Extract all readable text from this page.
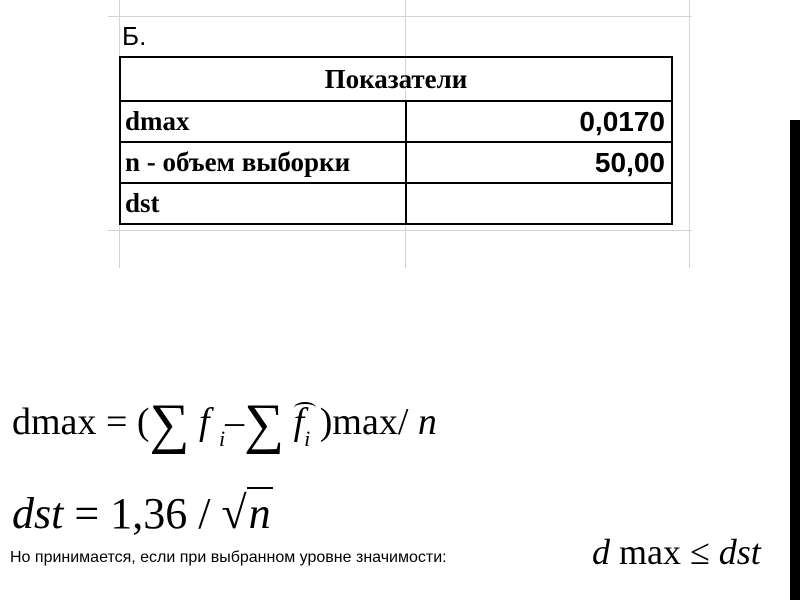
Б.
Показатели	
dmax	0,0170
n - объем выборки	50,00
dst	
dmax = (∑ f $_i$–∑ $f_i$ )max/ n
dst = 1,36 / √n
Но принимается, если при выбранном уровне значимости:	d max ≤ dst
